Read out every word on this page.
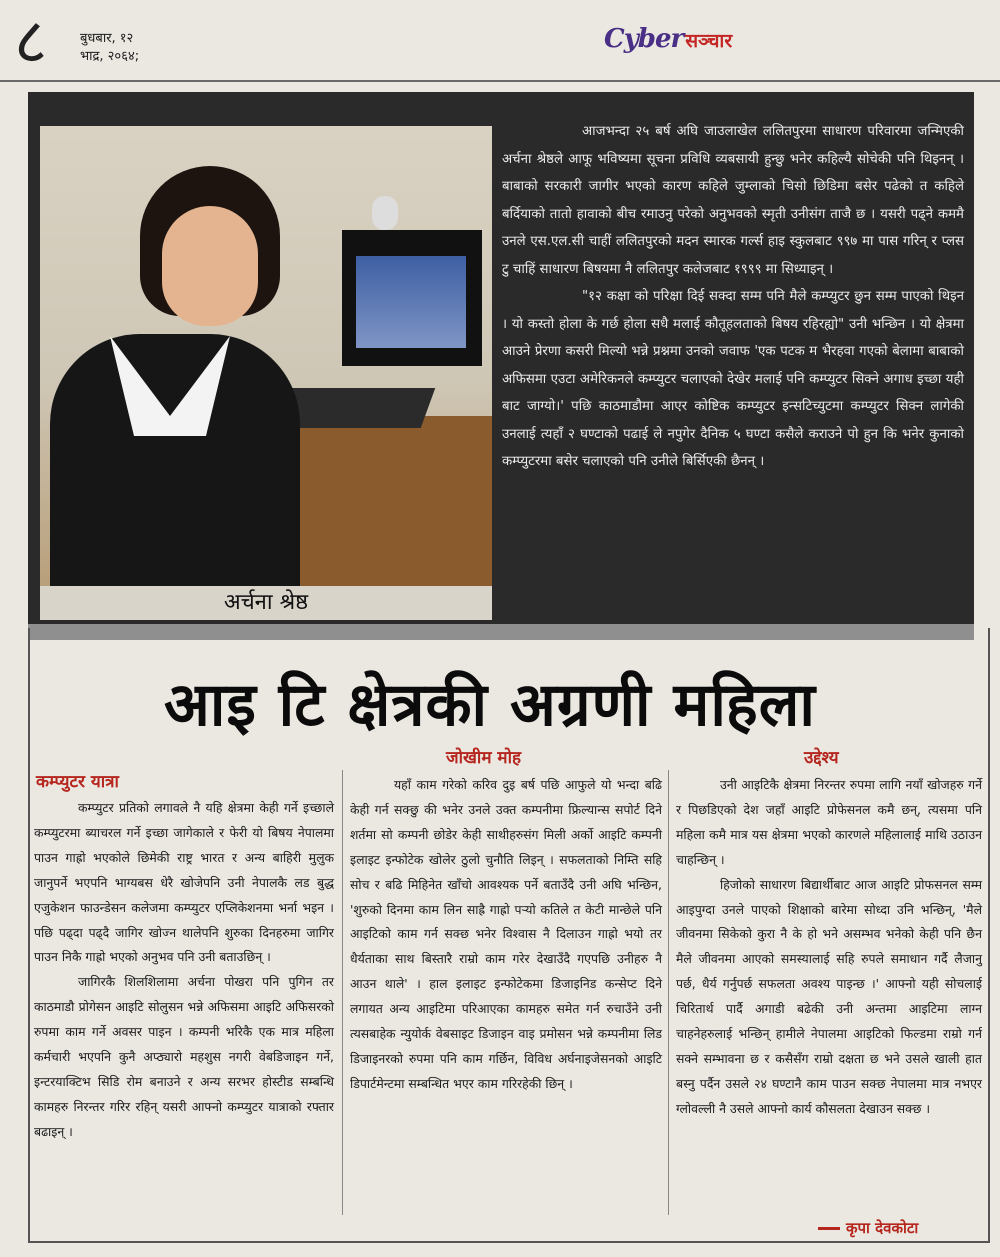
८	बुधबार, १२
भाद्र, २०६४;
Cyber सञ्चार
अर्चना श्रेष्ठ

आजभन्दा २५ बर्ष अघि जाउलाखेल ललितपुरमा साधारण परिवारमा जन्मिएकी अर्चना श्रेष्ठले आफू भविष्यमा सूचना प्रविधि व्यबसायी हुन्छु भनेर कहिल्यै सोचेकी पनि थिइनन् । बाबाको सरकारी जागीर भएको कारण कहिले जुम्लाको चिसो छिडिमा बसेर पढेको त कहिले बर्दियाको तातो हावाको बीच रमाउनु परेको अनुभवको स्मृती उनीसंग ताजै छ । यसरी पढ्ने कममै उनले एस.एल.सी चाहीं ललितपुरको मदन स्मारक गर्ल्स हाइ स्कुलबाट ९९७ मा पास गरिन् र प्लस टु चाहिं साधारण बिषयमा नै ललितपुर कलेजबाट १९९९ मा सिध्याइन् ।

"१२ कक्षा को परिक्षा दिई सक्दा सम्म पनि मैले कम्प्युटर छुन सम्म पाएको थिइन । यो कस्तो होला के गर्छ होला सधै मलाई कौतूहलताको बिषय रहिरह्यो" उनी भन्छिन । यो क्षेत्रमा आउने प्रेरणा कसरी मिल्यो भन्ने प्रश्नमा उनको जवाफ 'एक पटक म भैरहवा गएको बेलामा बाबाको अफिसमा एउटा अमेरिकनले कम्प्युटर चलाएको देखेर मलाई पनि कम्प्युटर सिक्ने अगाध इच्छा यही बाट जाग्यो।' पछि काठमाडौमा आएर कोष्टिक कम्प्युटर इन्सटिच्युटमा कम्प्युटर सिक्न लागेकी उनलाई त्यहाँ २ घण्टाको पढाई ले नपुगेर दैनिक ५ घण्टा कसैले कराउने पो हुन कि भनेर कुनाको कम्प्युटरमा बसेर चलाएको पनि उनीले बिर्सिएकी छैनन् ।

आइ टि क्षेत्रकी अग्रणी महिला
कम्प्युटर यात्रा
जोखीम मोह	उद्देश्य

कम्प्युटर प्रतिको लगावले नै यहि क्षेत्रमा केही गर्ने इच्छाले कम्प्युटरमा ब्याचरल गर्ने इच्छा जागेकाले र फेरी यो बिषय नेपालमा पाउन गाह्रो भएकोले छिमेकी राष्ट्र भारत र अन्य बाहिरी मुलुक जानुपर्ने भएपनि भाग्यबस धेरै खोजेपनि उनी नेपालकै लड बुद्ध एजुकेशन फाउन्डेसन कलेजमा कम्प्युटर एप्लिकेशनमा भर्ना भइन । पछि पढ्दा पढ्दै जागिर खोज्न थालेपनि शुरुका दिनहरुमा जागिर पाउन निकै गाह्रो भएको अनुभव पनि उनी बताउछिन् ।

जागिरकै शिलशिलामा अर्चना पोखरा पनि पुगिन तर काठमाडौ प्रोगेसन आइटि सोलुसन भन्ने अफिसमा आइटि अफिसरको रुपमा काम गर्ने अवसर पाइन । कम्पनी भरिकै एक मात्र महिला कर्मचारी भएपनि कुनै अप्ठ्यारो महशुस नगरी वेबडिजाइन गर्ने, इन्टरयाक्टिभ सिडि रोम बनाउने र अन्य सरभर होस्टीड सम्बन्धि कामहरु निरन्तर गरिर रहिन् यसरी आफ्नो कम्प्युटर यात्राको रफ्तार बढाइन् ।

यहाँ काम गरेको करिव दुइ बर्ष पछि आफुले यो भन्दा बढि केही गर्न सक्छु की भनेर उनले उक्त कम्पनीमा फ्रिल्यान्स सपोर्ट दिने शर्तमा सो कम्पनी छोडेर केही साथीहरुसंग मिली अर्को आइटि कम्पनी इलाइट इन्फोटेक खोलेर ठुलो चुनौति लिइन् । सफलताको निम्ति सहि सोच र बढि मिहिनेत खाँचो आवश्यक पर्ने बताउँदै उनी अघि भन्छिन, 'शुरुको दिनमा काम लिन साह्रै गाह्रो पर्‍यो कतिले त केटी मान्छेले पनि आइटिको काम गर्न सक्छ भनेर विश्वास नै दिलाउन गाह्रो भयो तर धैर्यताका साथ बिस्तारै राम्रो काम गरेर देखाउँदै गएपछि उनीहरु नै आउन थाले' । हाल इलाइट इन्फोटेकमा डिजाइनिड कन्सेप्ट दिने लगायत अन्य आइटिमा परिआएका कामहरु समेत गर्न रुचाउँने उनी त्यसबाहेक न्युयोर्क वेबसाइट डिजाइन वाइ प्रमोसन भन्ने कम्पनीमा लिड डिजाइनरको रुपमा पनि काम गर्छिन, विविध अर्घनाइजेसनको आइटि डिपार्टमेन्टमा सम्बन्धित भएर काम गरिरहेकी छिन् ।

उनी आइटिकै क्षेत्रमा निरन्तर रुपमा लागि नयाँ खोजहरु गर्ने र पिछडिएको देश जहाँ आइटि प्रोफेसनल कमै छन्, त्यसमा पनि महिला कमै मात्र यस क्षेत्रमा भएको कारणले महिलालाई माथि उठाउन चाहन्छिन् ।

हिजोको साधारण बिद्यार्थीबाट आज आइटि प्रोफसनल सम्म आइपुग्दा उनले पाएको शिक्षाको बारेमा सोध्दा उनि भन्छिन्, 'मैले जीवनमा सिकेको कुरा नै के हो भने असम्भव भनेको केही पनि छैन मैले जीवनमा आएको समस्यालाई सहि रुपले समाधान गर्दै लैजानु पर्छ, धैर्य गर्नुपर्छ सफलता अवश्य पाइन्छ ।' आफ्नो यही सोचलाई चिरितार्थ पार्दै अगाडी बढेकी उनी अन्तमा आइटिमा लाग्न चाहनेहरुलाई भन्छिन् हामीले नेपालमा आइटिको फिल्डमा राम्रो गर्न सक्ने सम्भावना छ र कसैसँग राम्रो दक्षता छ भने उसले खाली हात बस्नु पर्दैन उसले २४ घण्टानै काम पाउन सक्छ नेपालमा मात्र नभएर ग्लोवल्ली नै उसले आफ्नो कार्य कौसलता देखाउन सक्छ ।

कृपा देवकोटा
